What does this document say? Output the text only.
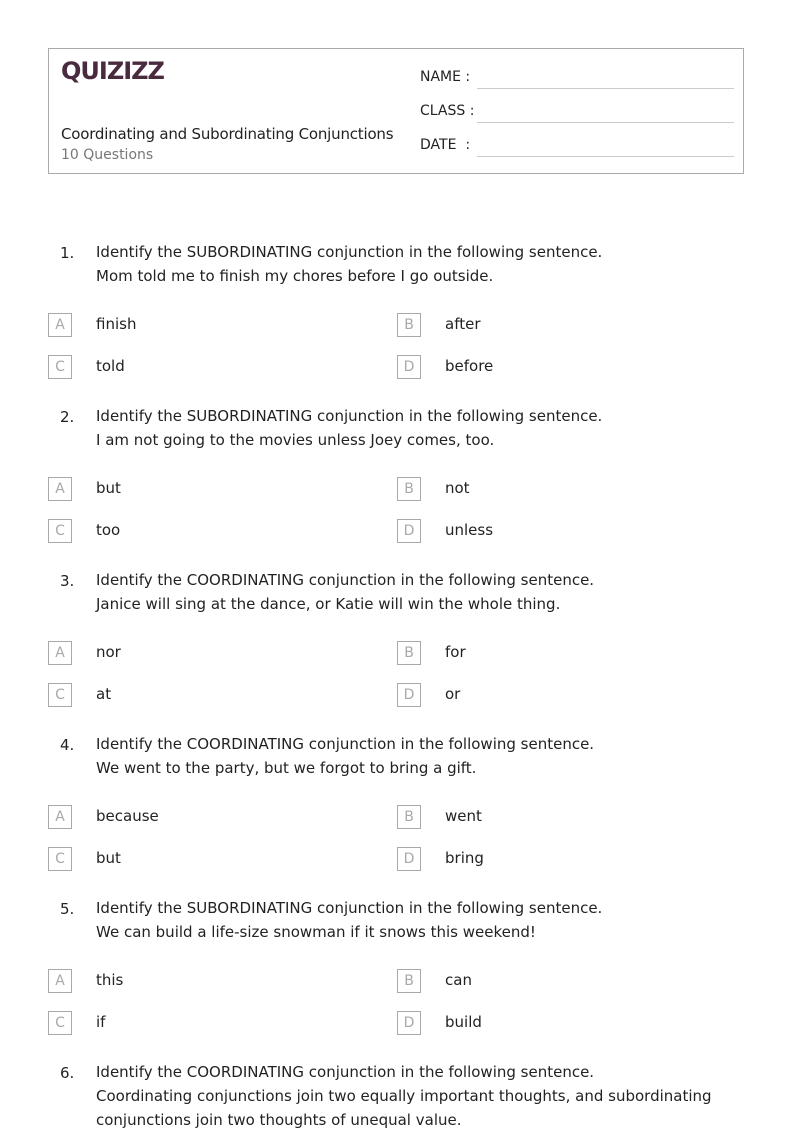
QUIZIZZ
Coordinating and Subordinating Conjunctions
10 Questions
NAME :
CLASS :
DATE  :
1. Identify the SUBORDINATING conjunction in the following sentence.
Mom told me to finish my chores before I go outside.
A	finish	B	after
C	told	D	before
2. Identify the SUBORDINATING conjunction in the following sentence.
I am not going to the movies unless Joey comes, too.
A	but	B	not
C	too	D	unless
3. Identify the COORDINATING conjunction in the following sentence.
Janice will sing at the dance, or Katie will win the whole thing.
A	nor	B	for
C	at	D	or
4. Identify the COORDINATING conjunction in the following sentence.
We went to the party, but we forgot to bring a gift.
A	because	B	went
C	but	D	bring
5. Identify the SUBORDINATING conjunction in the following sentence.
We can build a life-size snowman if it snows this weekend!
A	this	B	can
C	if	D	build
6. Identify the COORDINATING conjunction in the following sentence.
Coordinating conjunctions join two equally important thoughts, and subordinating
conjunctions join two thoughts of unequal value.
